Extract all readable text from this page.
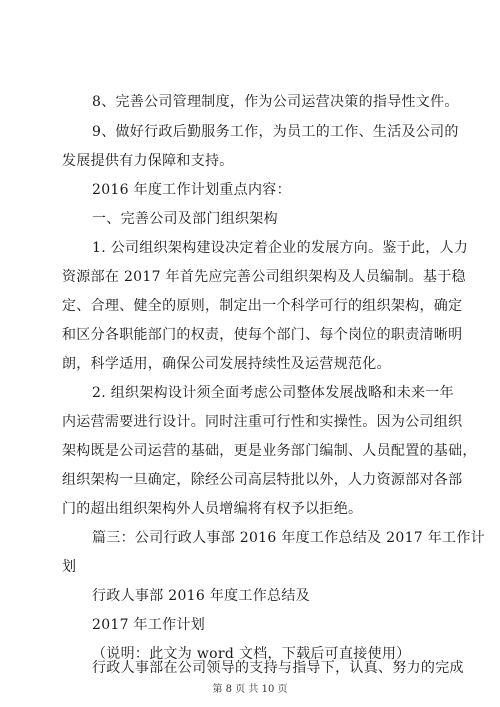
8、完善公司管理制度，作为公司运营决策的指导性文件。
9、做好行政后勤服务工作，为员工的工作、生活及公司的
发展提供有力保障和支持。
2016 年度工作计划重点内容：
一、完善公司及部门组织架构
1. 公司组织架构建设决定着企业的发展方向。鉴于此，人力
资源部在 2017 年首先应完善公司组织架构及人员编制。基于稳
定、合理、健全的原则，制定出一个科学可行的组织架构，确定
和区分各职能部门的权责，使每个部门、每个岗位的职责清晰明
朗，科学适用，确保公司发展持续性及运营规范化。
2. 组织架构设计须全面考虑公司整体发展战略和未来一年
内运营需要进行设计。同时注重可行性和实操性。因为公司组织
架构既是公司运营的基础，更是业务部门编制、人员配置的基础，
组织架构一旦确定，除经公司高层特批以外，人力资源部对各部
门的超出组织架构外人员增编将有权予以拒绝。
篇三：公司行政人事部 2016 年度工作总结及 2017 年工作计
划
行政人事部 2016 年度工作总结及
2017 年工作计划
（说明：此文为 word 文档，下载后可直接使用）
行政人事部在公司领导的支持与指导下，认真、努力的完成
第 8 页 共 10 页
